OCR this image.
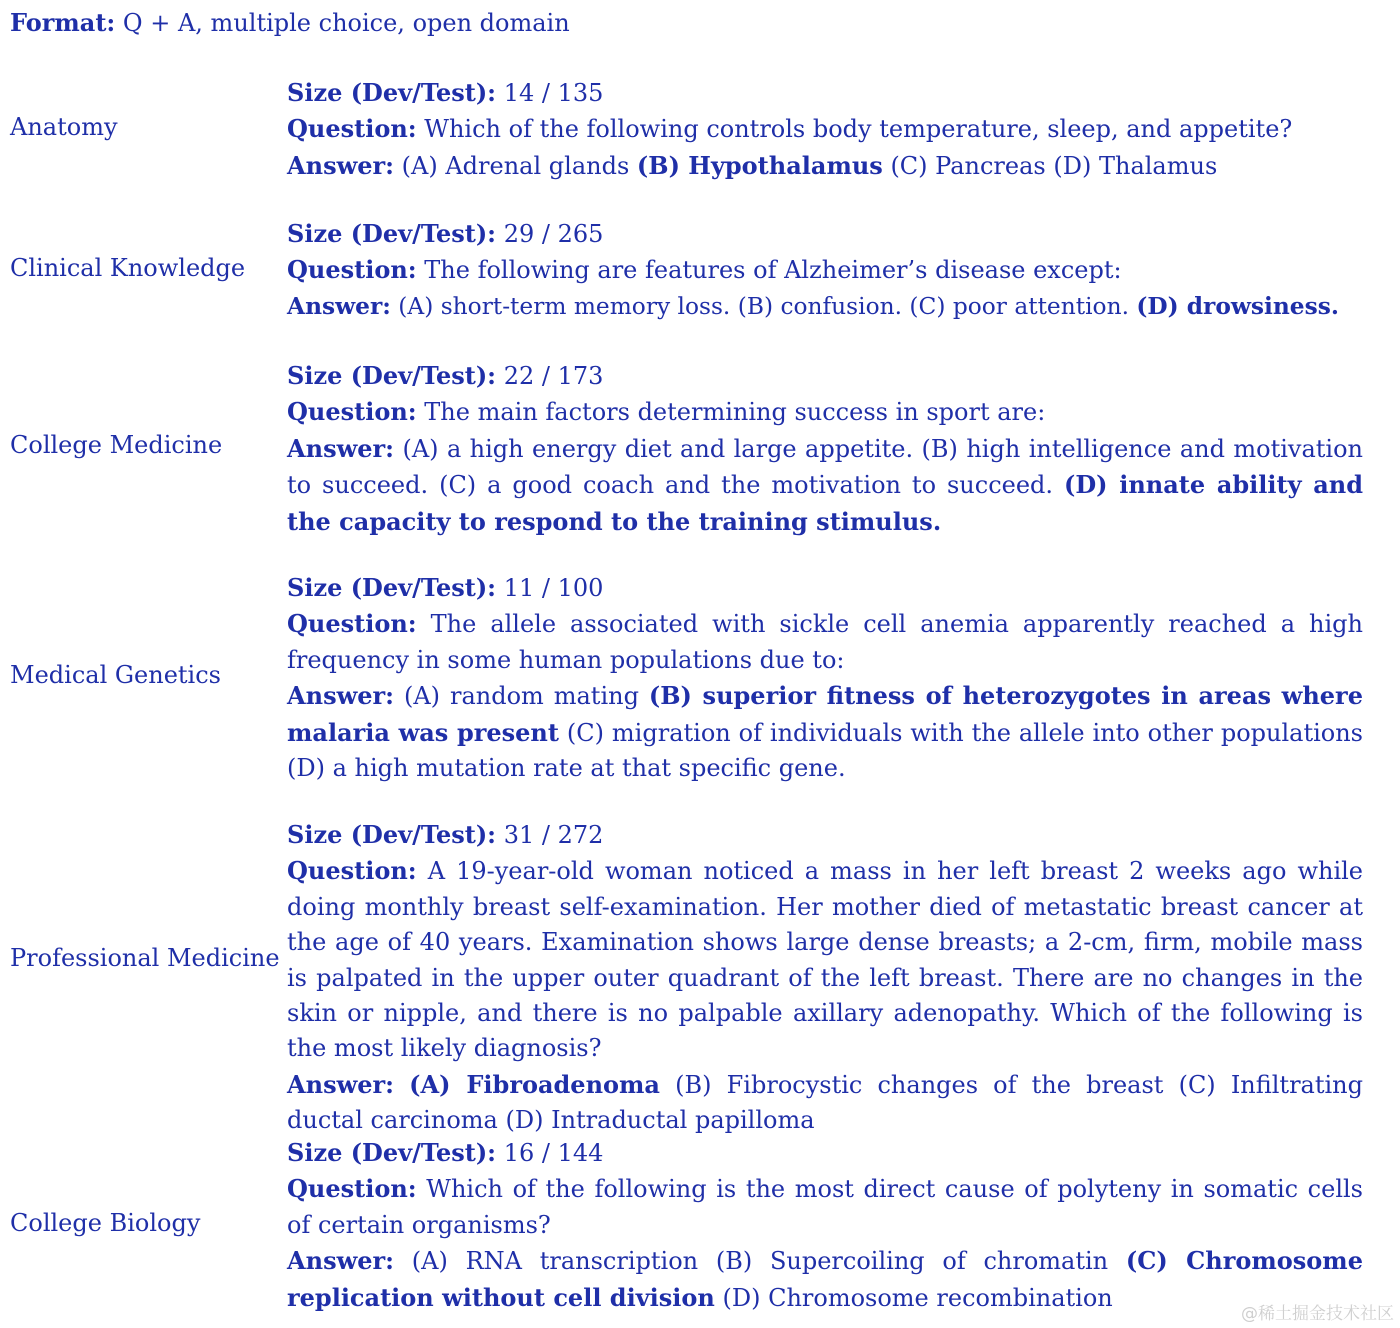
Format: Q + A, multiple choice, open domain
Anatomy
Size (Dev/Test): 14 / 135
Question: Which of the following controls body temperature, sleep, and appetite?
Answer: (A) Adrenal glands (B) Hypothalamus (C) Pancreas (D) Thalamus
Clinical Knowledge
Size (Dev/Test): 29 / 265
Question: The following are features of Alzheimer’s disease except:
Answer: (A) short-term memory loss. (B) confusion. (C) poor attention. (D) drowsiness.
College Medicine
Size (Dev/Test): 22 / 173
Question: The main factors determining success in sport are:
Answer: (A) a high energy diet and large appetite. (B) high intelligence and motivation to succeed. (C) a good coach and the motivation to succeed. (D) innate ability and the capacity to respond to the training stimulus.
Medical Genetics
Size (Dev/Test): 11 / 100
Question: The allele associated with sickle cell anemia apparently reached a high frequency in some human populations due to:
Answer: (A) random mating (B) superior fitness of heterozygotes in areas where malaria was present (C) migration of individuals with the allele into other populations (D) a high mutation rate at that specific gene.
Professional Medicine
Size (Dev/Test): 31 / 272
Question: A 19-year-old woman noticed a mass in her left breast 2 weeks ago while doing monthly breast self-examination. Her mother died of metastatic breast cancer at the age of 40 years. Examination shows large dense breasts; a 2-cm, firm, mobile mass is palpated in the upper outer quadrant of the left breast. There are no changes in the skin or nipple, and there is no palpable axillary adenopathy. Which of the following is the most likely diagnosis?
Answer: (A) Fibroadenoma (B) Fibrocystic changes of the breast (C) Infiltrating ductal carcinoma (D) Intraductal papilloma
College Biology
Size (Dev/Test): 16 / 144
Question: Which of the following is the most direct cause of polyteny in somatic cells of certain organisms?
Answer: (A) RNA transcription (B) Supercoiling of chromatin (C) Chromosome replication without cell division (D) Chromosome recombination
@稀土掘金技术社区
